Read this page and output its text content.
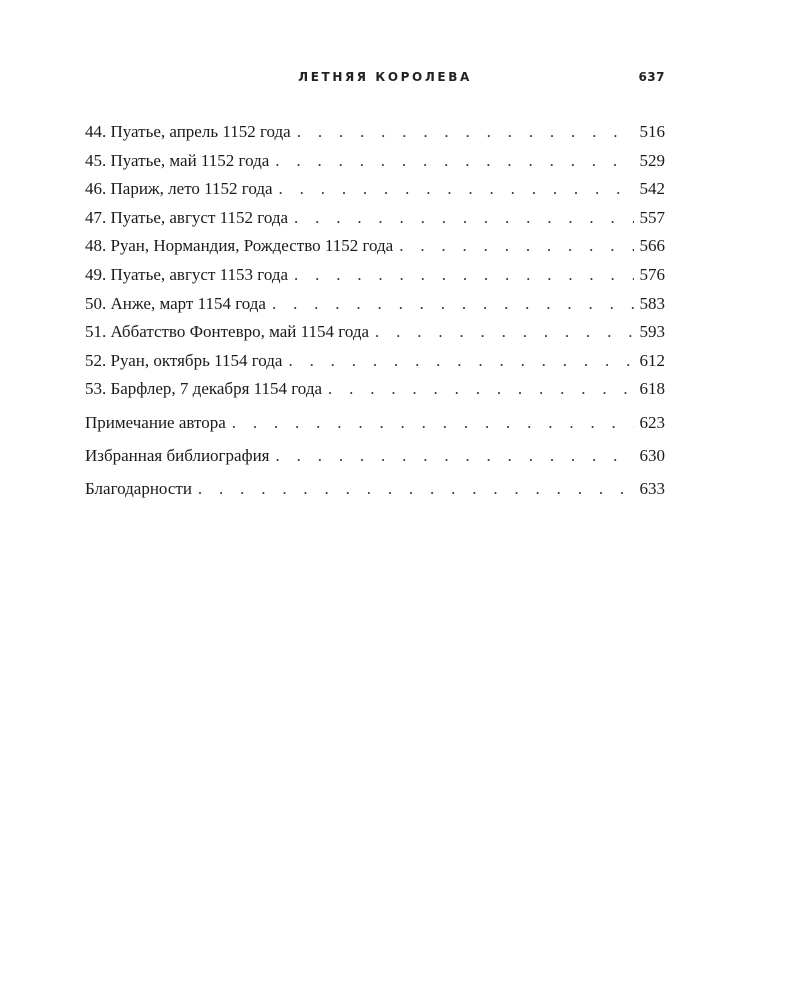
ЛЕТНЯЯ КОРОЛЕВА	637
44. Пуатье, апрель 1152 года . . .	516
45. Пуатье, май 1152 года . . .	529
46. Париж, лето 1152 года . . .	542
47. Пуатье, август 1152 года . . .	557
48. Руан, Нормандия, Рождество 1152 года . . .	566
49. Пуатье, август 1153 года . . .	576
50. Анже, март 1154 года . . .	583
51. Аббатство Фонтевро, май 1154 года . . .	593
52. Руан, октябрь 1154 года . . .	612
53. Барфлер, 7 декабря 1154 года . . .	618
Примечание автора . . .	623
Избранная библиография . . .	630
Благодарности . . .	633
